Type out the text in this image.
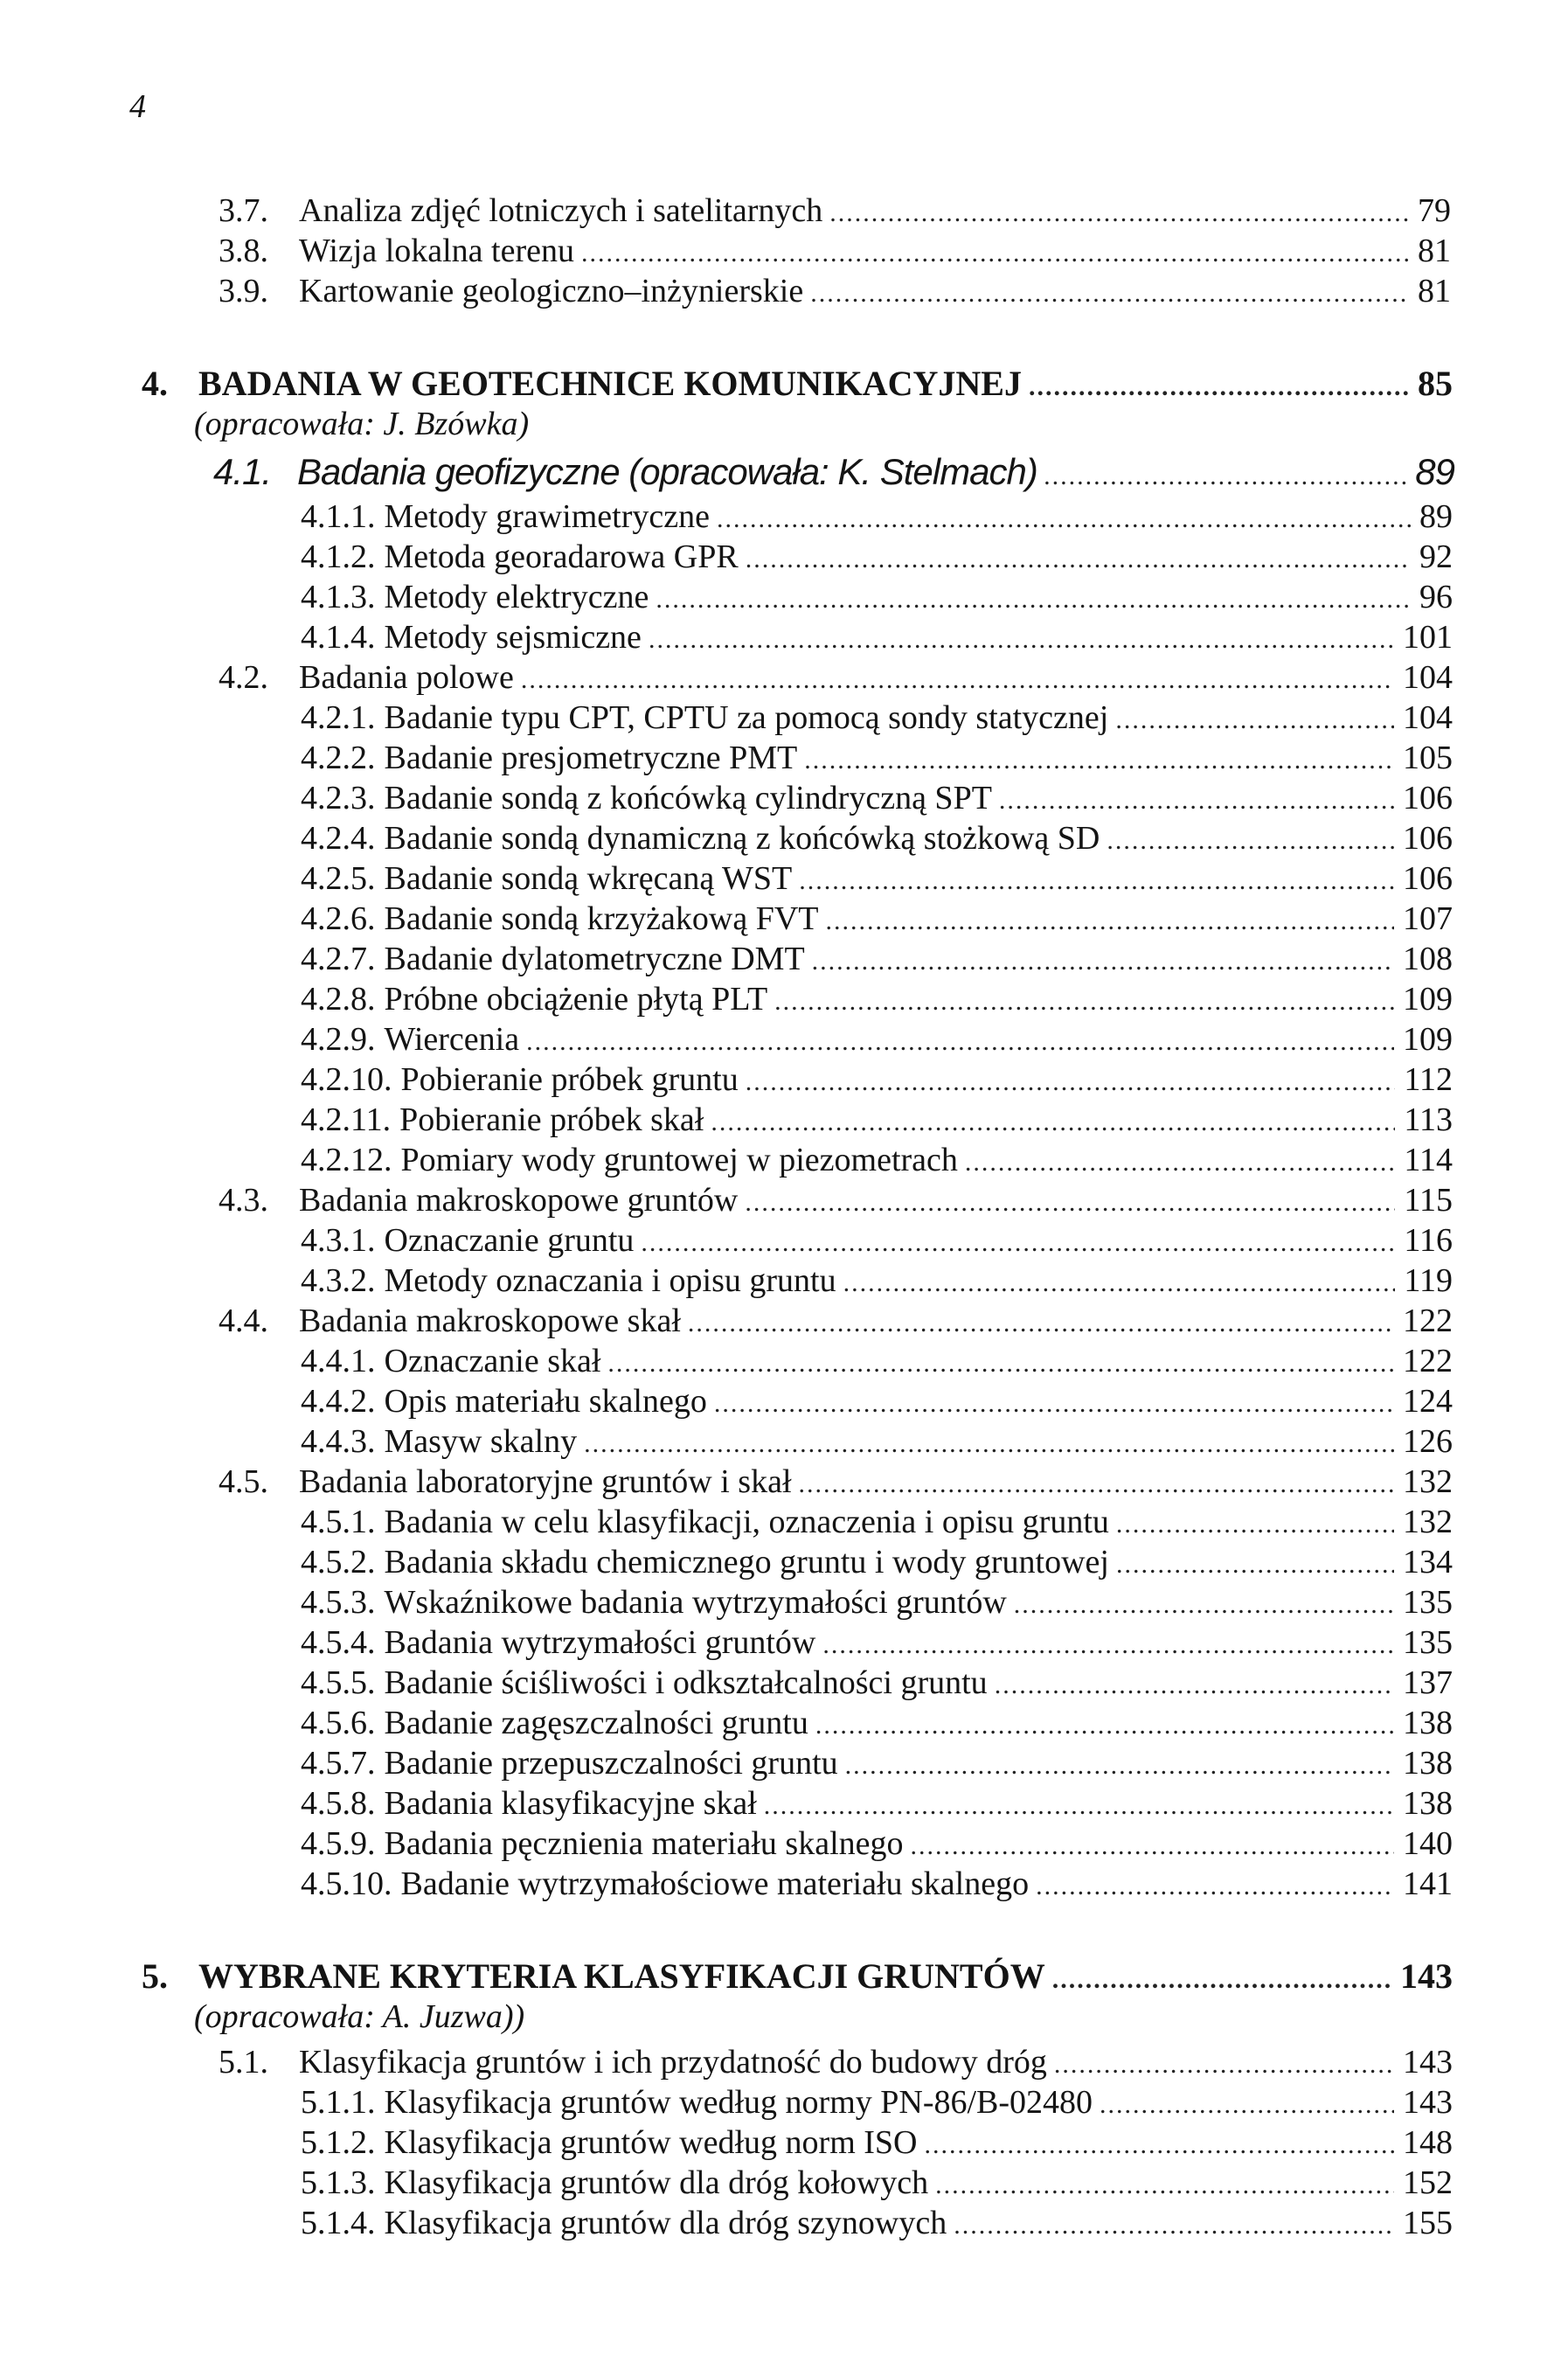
4
3.7. Analiza zdjęć lotniczych i satelitarnych .....	79
3.8. Wizja lokalna terenu .....	81
3.9. Kartowanie geologiczno–inżynierskie .....	81
4. BADANIA W GEOTECHNICE KOMUNIKACYJNEJ .....	85
(opracowała: J. Bzówka)
4.1. Badania geofizyczne (opracowała: K. Stelmach) .....	89
4.1.1. Metody grawimetryczne .....	89
4.1.2. Metoda georadarowa GPR .....	92
4.1.3. Metody elektryczne .....	96
4.1.4. Metody sejsmiczne .....	101
4.2. Badania polowe .....	104
4.2.1. Badanie typu CPT, CPTU za pomocą sondy statycznej .....	104
4.2.2. Badanie presjometryczne PMT .....	105
4.2.3. Badanie sondą z końcówką cylindryczną SPT .....	106
4.2.4. Badanie sondą dynamiczną z końcówką stożkową SD .....	106
4.2.5. Badanie sondą wkręcaną WST .....	106
4.2.6. Badanie sondą krzyżakową FVT .....	107
4.2.7. Badanie dylatometryczne DMT .....	108
4.2.8. Próbne obciążenie płytą PLT .....	109
4.2.9. Wiercenia .....	109
4.2.10. Pobieranie próbek gruntu .....	112
4.2.11. Pobieranie próbek skał .....	113
4.2.12. Pomiary wody gruntowej w piezometrach .....	114
4.3. Badania makroskopowe gruntów .....	115
4.3.1. Oznaczanie gruntu .....	116
4.3.2. Metody oznaczania i opisu gruntu .....	119
4.4. Badania makroskopowe skał .....	122
4.4.1. Oznaczanie skał .....	122
4.4.2. Opis materiału skalnego .....	124
4.4.3. Masyw skalny .....	126
4.5. Badania laboratoryjne gruntów i skał .....	132
4.5.1. Badania w celu klasyfikacji, oznaczenia i opisu gruntu .....	132
4.5.2. Badania składu chemicznego gruntu i wody gruntowej .....	134
4.5.3. Wskaźnikowe badania wytrzymałości gruntów .....	135
4.5.4. Badania wytrzymałości gruntów .....	135
4.5.5. Badanie ściśliwości i odkształcalności gruntu .....	137
4.5.6. Badanie zagęszczalności gruntu .....	138
4.5.7. Badanie przepuszczalności gruntu .....	138
4.5.8. Badania klasyfikacyjne skał .....	138
4.5.9. Badania pęcznienia materiału skalnego .....	140
4.5.10. Badanie wytrzymałościowe materiału skalnego .....	141
5. WYBRANE KRYTERIA KLASYFIKACJI GRUNTÓW .....	143
(opracowała: A. Juzwa))
5.1. Klasyfikacja gruntów i ich przydatność do budowy dróg .....	143
5.1.1. Klasyfikacja gruntów według normy PN-86/B-02480 .....	143
5.1.2. Klasyfikacja gruntów według norm ISO .....	148
5.1.3. Klasyfikacja gruntów dla dróg kołowych .....	152
5.1.4. Klasyfikacja gruntów dla dróg szynowych .....	155
